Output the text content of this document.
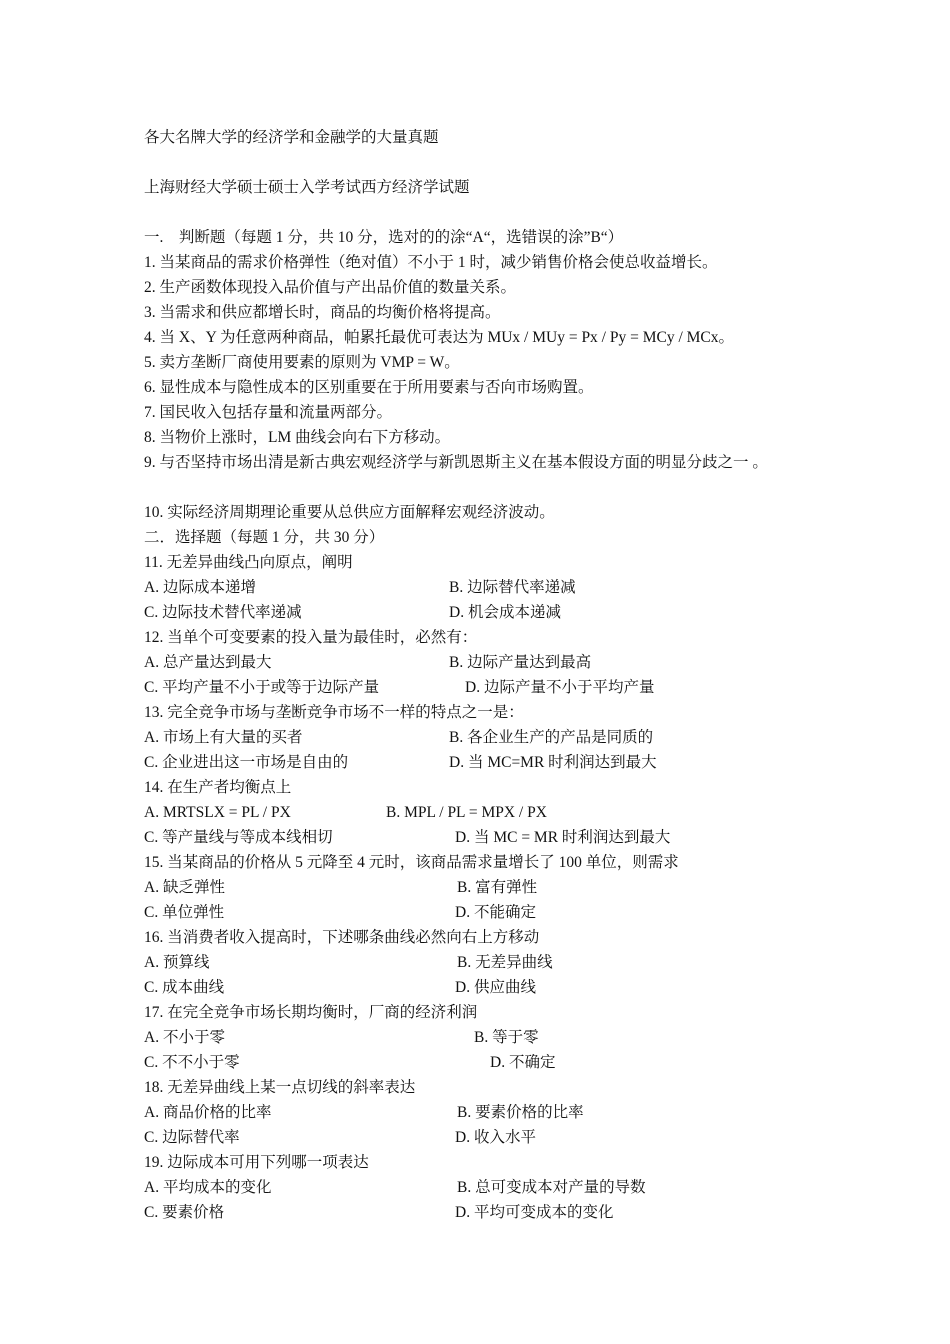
各大名牌大学的经济学和金融学的大量真题
上海财经大学硕士硕士入学考试西方经济学试题
一.　判断题（每题 1 分，共 10 分，选对的的涂“A“，选错误的涂”B“）
1. 当某商品的需求价格弹性（绝对值）不小于 1 时，减少销售价格会使总收益增长。
2. 生产函数体现投入品价值与产出品价值的数量关系。
3. 当需求和供应都增长时，商品的均衡价格将提高。
4. 当 X、Y 为任意两种商品，帕累托最优可表达为 MUx / MUy = Px / Py = MCy / MCx。
5. 卖方垄断厂商使用要素的原则为 VMP = W。
6. 显性成本与隐性成本的区别重要在于所用要素与否向市场购置。
7. 国民收入包括存量和流量两部分。
8. 当物价上涨时，LM 曲线会向右下方移动。
9. 与否坚持市场出清是新古典宏观经济学与新凯恩斯主义在基本假设方面的明显分歧之一 。
10. 实际经济周期理论重要从总供应方面解释宏观经济波动。
二．选择题（每题 1 分，共 30 分）
11. 无差异曲线凸向原点，阐明
A. 边际成本递增	B. 边际替代率递减
C. 边际技术替代率递减	D. 机会成本递减
12. 当单个可变要素的投入量为最佳时，必然有：
A. 总产量达到最大	B. 边际产量达到最高
C. 平均产量不小于或等于边际产量	D. 边际产量不小于平均产量
13. 完全竞争市场与垄断竞争市场不一样的特点之一是：
A. 市场上有大量的买者	B. 各企业生产的产品是同质的
C. 企业进出这一市场是自由的	D. 当 MC=MR 时利润达到最大
14. 在生产者均衡点上
A. MRTSLX = PL / PX	B. MPL / PL = MPX / PX
C. 等产量线与等成本线相切	D. 当 MC = MR 时利润达到最大
15. 当某商品的价格从 5 元降至 4 元时，该商品需求量增长了 100 单位，则需求
A. 缺乏弹性	B. 富有弹性
C. 单位弹性	D. 不能确定
16. 当消费者收入提高时，下述哪条曲线必然向右上方移动
A. 预算线	B. 无差异曲线
C. 成本曲线	D. 供应曲线
17. 在完全竞争市场长期均衡时，厂商的经济利润
A. 不小于零	B. 等于零
C. 不不小于零	D. 不确定
18. 无差异曲线上某一点切线的斜率表达
A. 商品价格的比率	B. 要素价格的比率
C. 边际替代率	D. 收入水平
19. 边际成本可用下列哪一项表达
A. 平均成本的变化	B. 总可变成本对产量的导数
C. 要素价格	D. 平均可变成本的变化
